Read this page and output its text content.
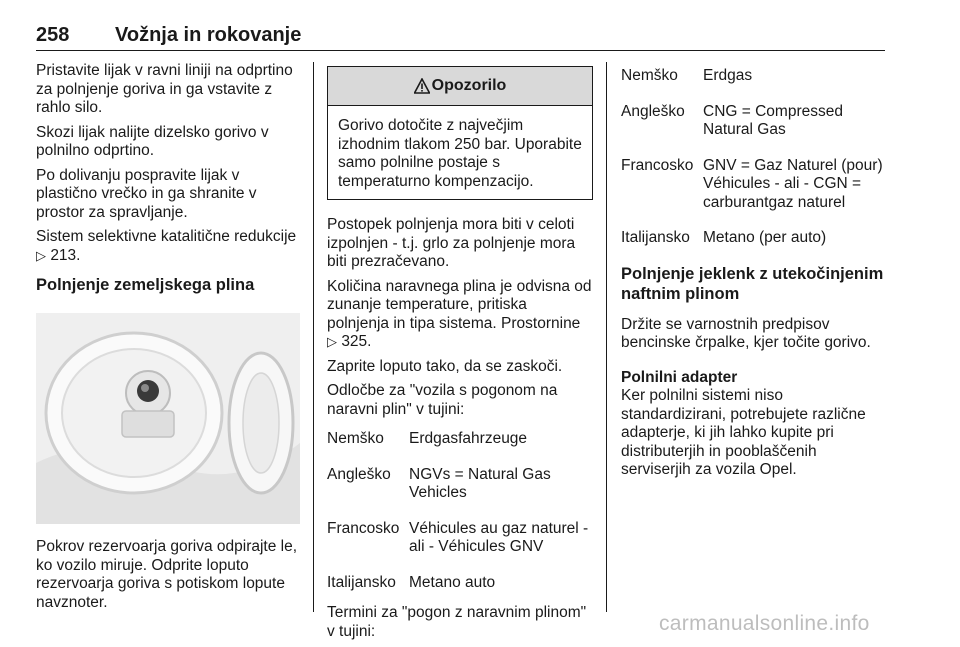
258 Vožnja in rokovanje

Pristavite lijak v ravni liniji na odprtino za polnjenje goriva in ga vstavite z rahlo silo.

Skozi lijak nalijte dizelsko gorivo v polnilno odprtino.

Po dolivanju pospravite lijak v plastično vrečko in ga shranite v prostor za spravljanje.

Sistem selektivne katalitične redukcije ▷ 213.

Polnjenje zemeljskega plina

Pokrov rezervoarja goriva odpirajte le, ko vozilo miruje. Odprite loputo rezervoarja goriva s potiskom lopute navznoter.

Opozorilo
Gorivo dotočite z največjim izhodnim tlakom 250 bar. Uporabite samo polnilne postaje s temperaturno kompenzacijo.

Postopek polnjenja mora biti v celoti izpolnjen - t.j. grlo za polnjenje mora biti prezračevano.

Količina naravnega plina je odvisna od zunanje temperature, pritiska polnjenja in tipa sistema. Prostornine ▷ 325.

Zaprite loputo tako, da se zaskoči.

Odločbe za "vozila s pogonom na naravni plin" v tujini:

Nemško	Erdgasfahrzeuge
Angleško	NGVs = Natural Gas Vehicles
Francosko Véhicules au gaz naturel - ali - Véhicules GNV
Italijansko Metano auto

Termini za "pogon z naravnim plinom" v tujini:

Nemško	Erdgas
Angleško	CNG = Compressed Natural Gas
Francosko GNV = Gaz Naturel (pour) Véhicules - ali - CGN = carburantgaz naturel
Italijansko Metano (per auto)
Polnjenje jeklenk z utekočinjenim naftnim plinom

Držite se varnostnih predpisov bencinske črpalke, kjer točite gorivo.

Polnilni adapter

Ker polnilni sistemi niso standardizirani, potrebujete različne adapterje, ki jih lahko kupite pri distributerjih in pooblaščenih serviserjih za vozila Opel.

carmanualsonline.info
